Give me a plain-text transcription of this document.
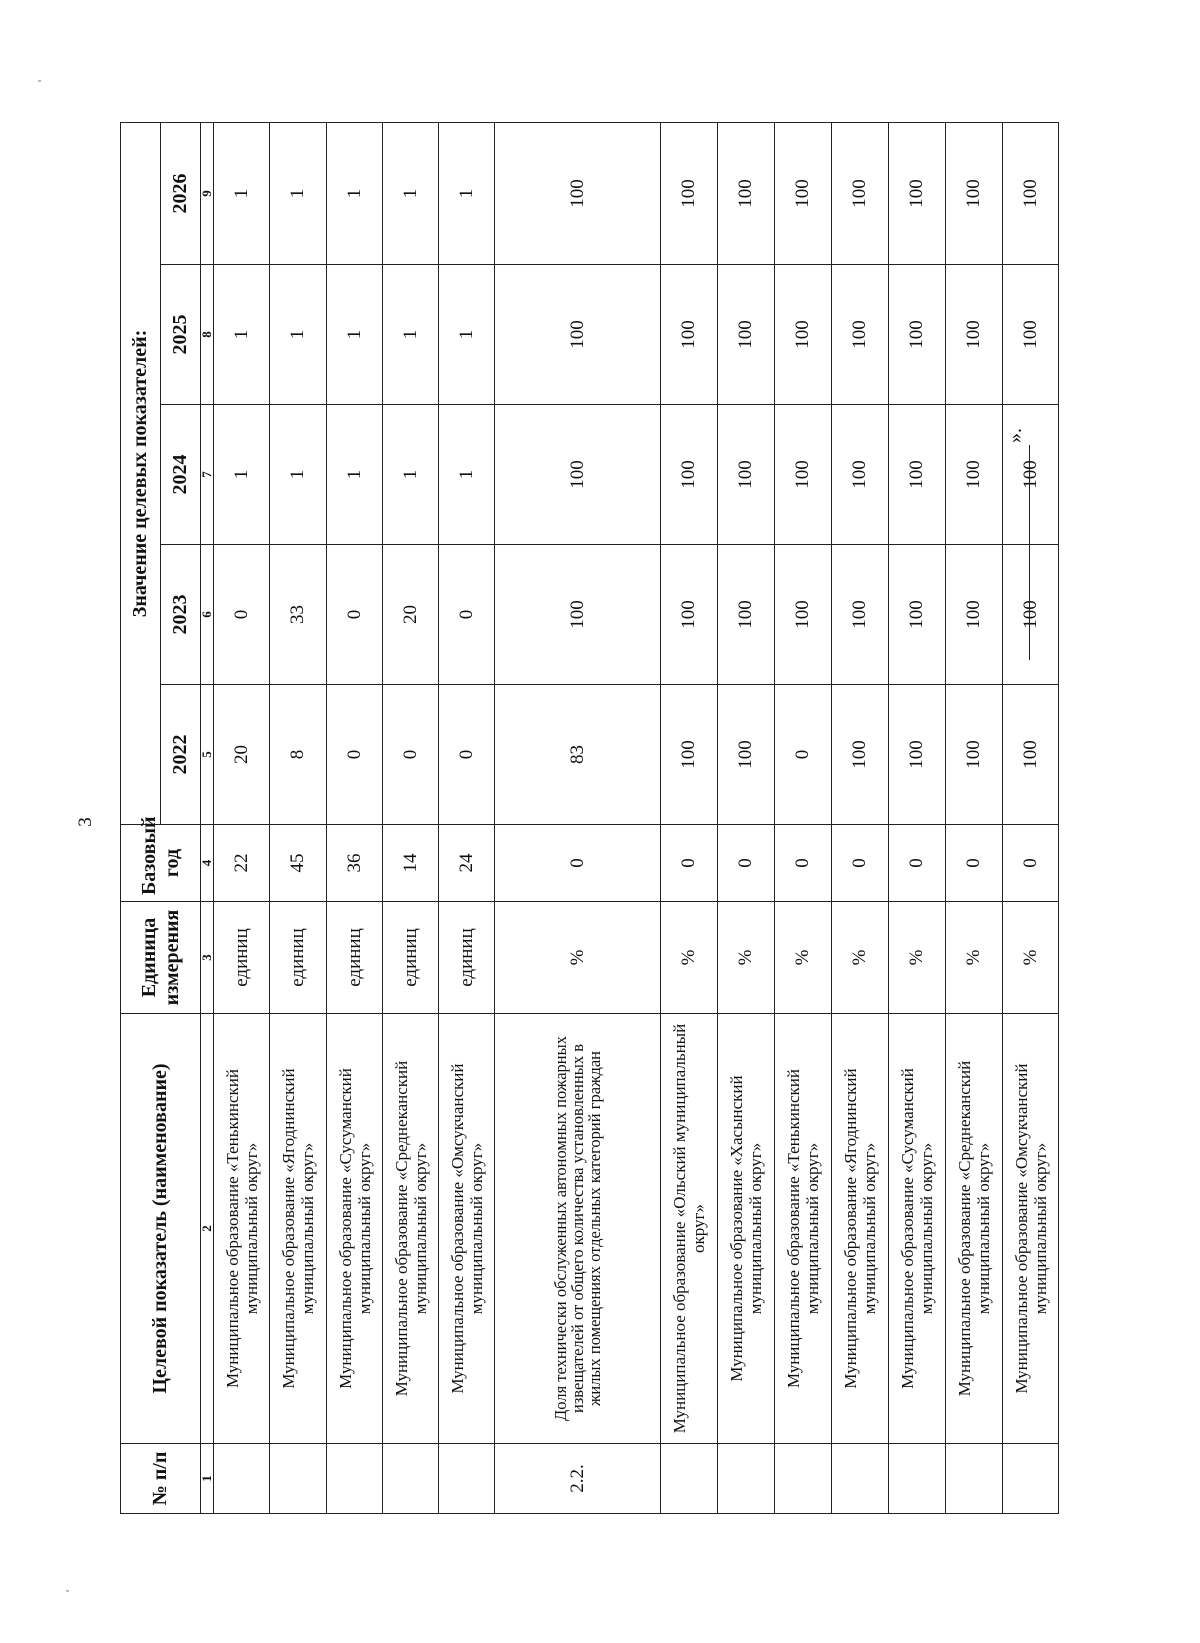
3
№ п/п	Целевой показатель (наименование)	Единица измерения	Базовый год	Значение целевых показателей:				
				2022	2023	2024	2025	2026
1	2	3	4	5	6	7	8	9
	Муниципальное образование «Тенькинский муниципальный округ»	единиц	22	20	0	1	1	1
	Муниципальное образование «Ягоднинский муниципальный округ»	единиц	45	8	33	1	1	1
	Муниципальное образование «Сусуманский муниципальный округ»	единиц	36	0	0	1	1	1
	Муниципальное образование «Среднеканский муниципальный округ»	единиц	14	0	20	1	1	1
	Муниципальное образование «Омсукчанский муниципальный округ»	единиц	24	0	0	1	1	1
2.2.	Доля технически обслуженных автономных пожарных извещателей от общего количества установленных в жилых помещениях отдельных категорий граждан	%	0	83	100	100	100	100
	Муниципальное образование «Ольский муниципальный округ»	%	0	100	100	100	100	100
	Муниципальное образование «Хасынский муниципальный округ»	%	0	100	100	100	100	100
	Муниципальное образование «Тенькинский муниципальный округ»	%	0	0	100	100	100	100
	Муниципальное образование «Ягоднинский муниципальный округ»	%	0	100	100	100	100	100
	Муниципальное образование «Сусуманский муниципальный округ»	%	0	100	100	100	100	100
	Муниципальное образование «Среднеканский муниципальный округ»	%	0	100	100	100	100	100
	Муниципальное образование «Омсукчанский муниципальный округ»	%	0	100	100	100	100	100
».
